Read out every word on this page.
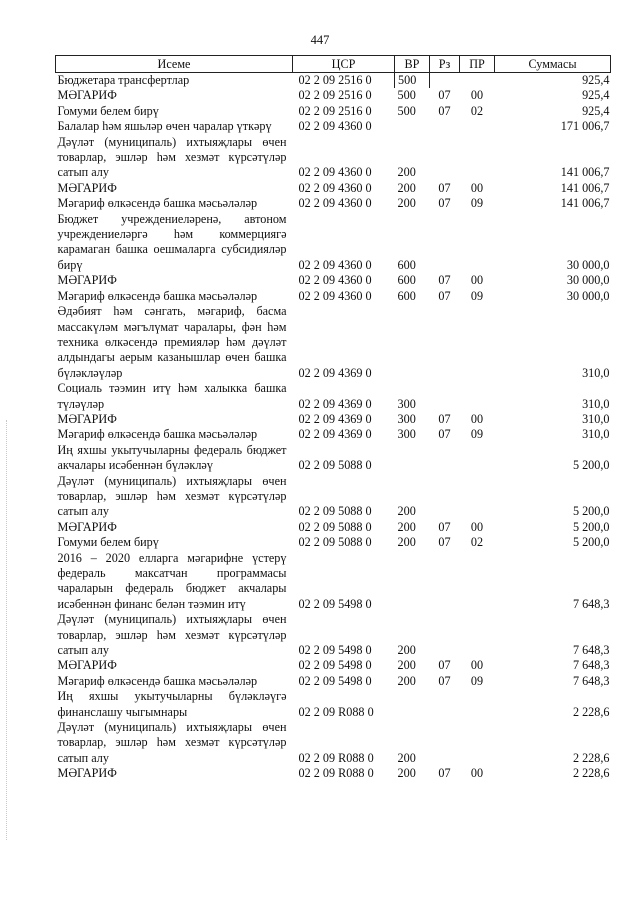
447
Исеме	ЦСР	ВР	Рз	ПР	Суммасы
Бюджетара трансфертлар	02 2 09 2516 0	500			925,4
МӘГАРИФ	02 2 09 2516 0	500	07	00	925,4
Гомуми белем бирү	02 2 09 2516 0	500	07	02	925,4
Балалар һәм яшьләр өчен чаралар үткәрү	02 2 09 4360 0				171 006,7
Дәүләт (муниципаль) ихтыяҗлары өчен товарлар, эшләр һәм хезмәт күрсәтүләр сатып алу	02 2 09 4360 0	200			141 006,7
МӘГАРИФ	02 2 09 4360 0	200	07	00	141 006,7
Мәгариф өлкәсендә башка мәсьәләләр	02 2 09 4360 0	200	07	09	141 006,7
Бюджет учреждениеләренә, автоном учреждениеләргә һәм коммерциягә карамаган башка оешмаларга субсидияләр бирү	02 2 09 4360 0	600			30 000,0
МӘГАРИФ	02 2 09 4360 0	600	07	00	30 000,0
Мәгариф өлкәсендә башка мәсьәләләр	02 2 09 4360 0	600	07	09	30 000,0
Әдәбият һәм сәнгать, мәгариф, басма массакүләм мәгълүмат чаралары, фән һәм техника өлкәсендә премияләр һәм дәүләт алдындагы аерым казанышлар өчен башка бүләкләүләр	02 2 09 4369 0				310,0
Социаль тәэмин итү һәм халыкка башка түләүләр	02 2 09 4369 0	300			310,0
МӘГАРИФ	02 2 09 4369 0	300	07	00	310,0
Мәгариф өлкәсендә башка мәсьәләләр	02 2 09 4369 0	300	07	09	310,0
Иң яхшы укытучыларны федераль бюджет акчалары исәбеннән бүләкләү	02 2 09 5088 0				5 200,0
Дәүләт (муниципаль) ихтыяҗлары өчен товарлар, эшләр һәм хезмәт күрсәтүләр сатып алу	02 2 09 5088 0	200			5 200,0
МӘГАРИФ	02 2 09 5088 0	200	07	00	5 200,0
Гомуми белем бирү	02 2 09 5088 0	200	07	02	5 200,0
2016 – 2020 елларга мәгарифне үстерү федераль максатчан программасы чараларын федераль бюджет акчалары исәбеннән финанс белән тәэмин итү	02 2 09 5498 0				7 648,3
Дәүләт (муниципаль) ихтыяҗлары өчен товарлар, эшләр һәм хезмәт күрсәтүләр сатып алу	02 2 09 5498 0	200			7 648,3
МӘГАРИФ	02 2 09 5498 0	200	07	00	7 648,3
Мәгариф өлкәсендә башка мәсьәләләр	02 2 09 5498 0	200	07	09	7 648,3
Иң яхшы укытучыларны бүләкләүгә финанслашу чыгымнары	02 2 09 R088 0				2 228,6
Дәүләт (муниципаль) ихтыяҗлары өчен товарлар, эшләр һәм хезмәт күрсәтүләр сатып алу	02 2 09 R088 0	200			2 228,6
МӘГАРИФ	02 2 09 R088 0	200	07	00	2 228,6
